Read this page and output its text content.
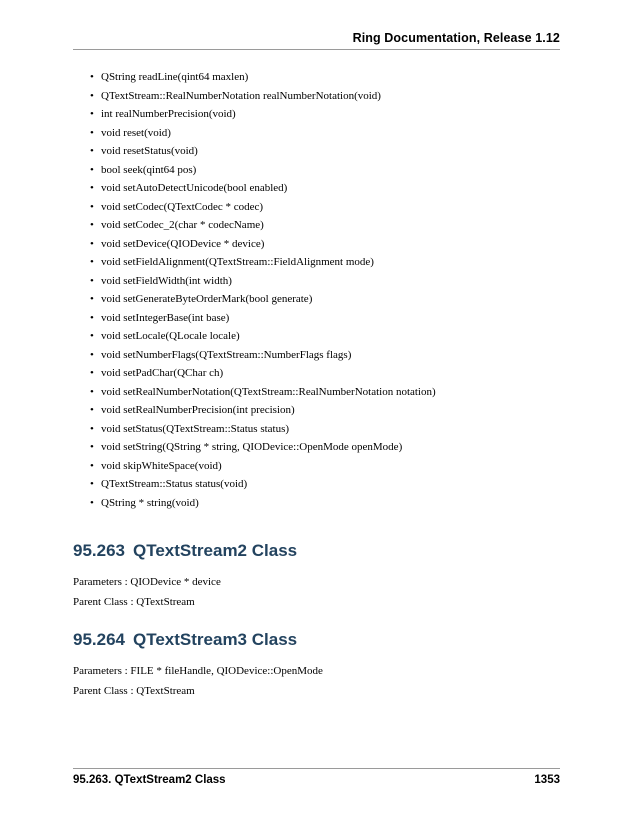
Ring Documentation, Release 1.12
• QString readLine(qint64 maxlen)
• QTextStream::RealNumberNotation realNumberNotation(void)
• int realNumberPrecision(void)
• void reset(void)
• void resetStatus(void)
• bool seek(qint64 pos)
• void setAutoDetectUnicode(bool enabled)
• void setCodec(QTextCodec * codec)
• void setCodec_2(char * codecName)
• void setDevice(QIODevice * device)
• void setFieldAlignment(QTextStream::FieldAlignment mode)
• void setFieldWidth(int width)
• void setGenerateByteOrderMark(bool generate)
• void setIntegerBase(int base)
• void setLocale(QLocale locale)
• void setNumberFlags(QTextStream::NumberFlags flags)
• void setPadChar(QChar ch)
• void setRealNumberNotation(QTextStream::RealNumberNotation notation)
• void setRealNumberPrecision(int precision)
• void setStatus(QTextStream::Status status)
• void setString(QString * string, QIODevice::OpenMode openMode)
• void skipWhiteSpace(void)
• QTextStream::Status status(void)
• QString * string(void)
95.263 QTextStream2 Class

Parameters : QIODevice * device

Parent Class : QTextStream

95.264 QTextStream3 Class

Parameters : FILE * fileHandle, QIODevice::OpenMode

Parent Class : QTextStream

95.263. QTextStream2 Class	1353
